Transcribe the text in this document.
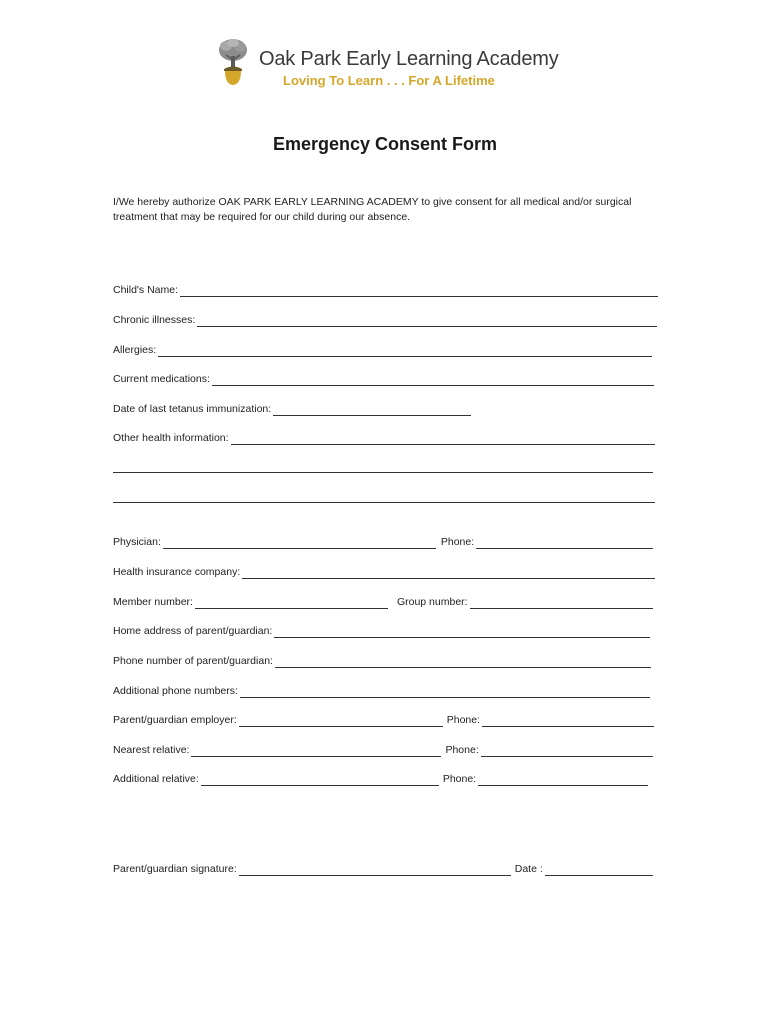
Oak Park Early Learning Academy
Loving To Learn . . . For A Lifetime
Emergency Consent Form
I/We hereby authorize OAK PARK EARLY LEARNING ACADEMY to give consent for all medical and/or surgical treatment that may be required for our child during our absence.
Child's Name:
Chronic illnesses:
Allergies:
Current medications:
Date of last tetanus immunization:
Other health information:
Physician:	Phone:
Health insurance company:
Member number:	Group number:
Home address of parent/guardian:
Phone number of parent/guardian:
Additional phone numbers:
Parent/guardian employer:	Phone:
Nearest relative:	Phone:
Additional relative:	Phone:
Parent/guardian signature:	Date :
